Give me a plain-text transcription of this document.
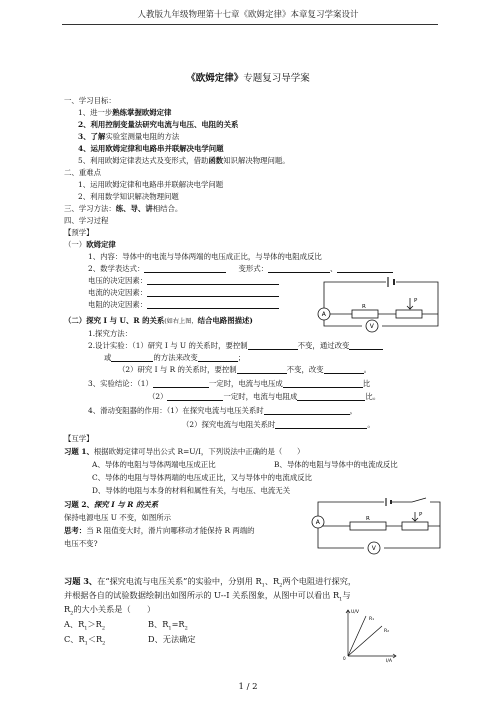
人教版九年级物理第十七章《欧姆定律》本章复习学案设计
《欧姆定律》专题复习导学案
一、学习目标：
1、进一步熟练掌握欧姆定律
2、利用控制变量法研究电流与电压、电阻的关系
3、了解实验室测量电阻的方法
4、运用欧姆定律和电路串并联解决电学问题
5、利用欧姆定律表达式及变形式，借助函数知识解决物理问题。
二、重难点
1、运用欧姆定律和电路串并联解决电学问题
2、利用数学知识解决物理问题
三、学习方法：练、导、讲相结合。
四、学习过程
【预学】
（一）欧姆定律
1、内容：导体中的电流与导体两端的电压成正比，与导体的电阻成反比
2、数学表达式：	变形式：	、
电压的决定因素：
电流的决定因素：
电阻的决定因素：
（二）探究 I 与 U、R 的关系(如右上图，结合电路图描述)
1.探究方法：
2.设计实验：（1）研究 I 与 U 的关系时，要控制	不变，通过改变
或	的方法来改变	；
（2）研究 I 与 R 的关系时，要控制	不变，改变	。
3、实验结论：（1）	一定时，电流与电压成	比
（2）	一定时，电流与电阻成	比。
4、滑动变阻器的作用：（1）在探究电流与电压关系时	，
（2）探究电流与电阻关系时	。
【互学】
习题 1、根据欧姆定律可导出公式 R=U/I，下列说法中正确的是（　　）
A、导体的电阻与导体两端电压成正比	B、导体的电阻与导体中的电流成反比
C、导体的电阻与导体两端的电压成正比，又与导体中的电流成反比
D、导体的电阻与本身的材料和属性有关，与电压、电流无关
习题 2、探究 I 与 R 的关系
保持电源电压 U 不变，如图所示
思考：当 R 阻值变大时，滑片向哪移动才能保持 R 两端的
电压不变?
习题 3、在“探究电流与电压关系”的实验中，分别用 $R_1$、$R_2$两个电阻进行探究，
并根据各自的试验数据绘制出如图所示的 U--I 关系图象，从图中可以看出 $R_1$与
$R_2$的大小关系是（　　）
A、$R_1>R_2$	B、$R_1=R_2$
C、$R_1<R_2$	D、无法确定
R
P
A
V
R
P
A
V
U/V
I/A
R₁
R₂
0
1 / 2
